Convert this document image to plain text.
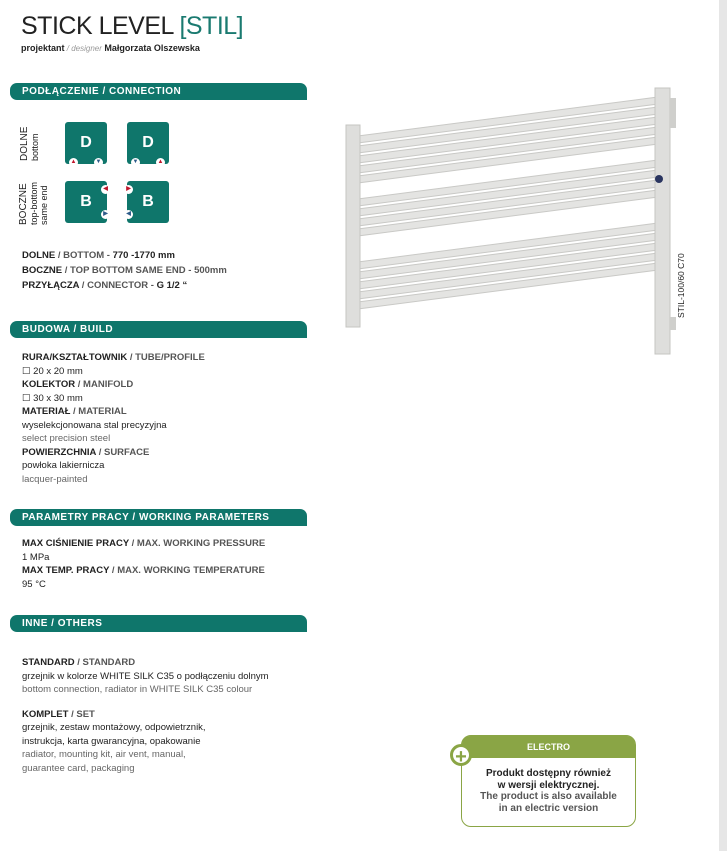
STICK LEVEL [STIL]
projektant / designer Małgorzata Olszewska
PODŁĄCZENIE / CONNECTION
DOLNE bottom
BOCZNE top-bottom same end
D
▲	▼
D
▼	▲
B
◀
▶
B
▶
◀
DOLNE / BOTTOM - 770 -1770 mm
BOCZNE / TOP BOTTOM SAME END - 500mm
PRZYŁĄCZA / CONNECTOR - G 1/2 “
BUDOWA / BUILD
RURA/KSZTAŁTOWNIK / TUBE/PROFILE
☐ 20 x 20 mm
KOLEKTOR / MANIFOLD
☐ 30 x 30 mm
MATERIAŁ / MATERIAL
wyselekcjonowana stal precyzyjna
select precision steel
POWIERZCHNIA / SURFACE
powłoka lakiernicza
lacquer-painted
PARAMETRY PRACY / WORKING PARAMETERS
MAX CIŚNIENIE PRACY / MAX. WORKING PRESSURE
1 MPa
MAX TEMP. PRACY / MAX. WORKING TEMPERATURE
95 °C
INNE / OTHERS
STANDARD / STANDARD
grzejnik w kolorze WHITE SILK C35 o podłączeniu dolnym
bottom connection, radiator in WHITE SILK C35 colour
KOMPLET / SET
grzejnik, zestaw montażowy, odpowietrznik,
instrukcja, karta gwarancyjna, opakowanie
radiator, mounting kit, air vent, manual,
guarantee card, packaging
STIL-100/60 C70
ELECTRO
+
Produkt dostępny również
w wersji elektrycznej.
The product is also available
in an electric version
